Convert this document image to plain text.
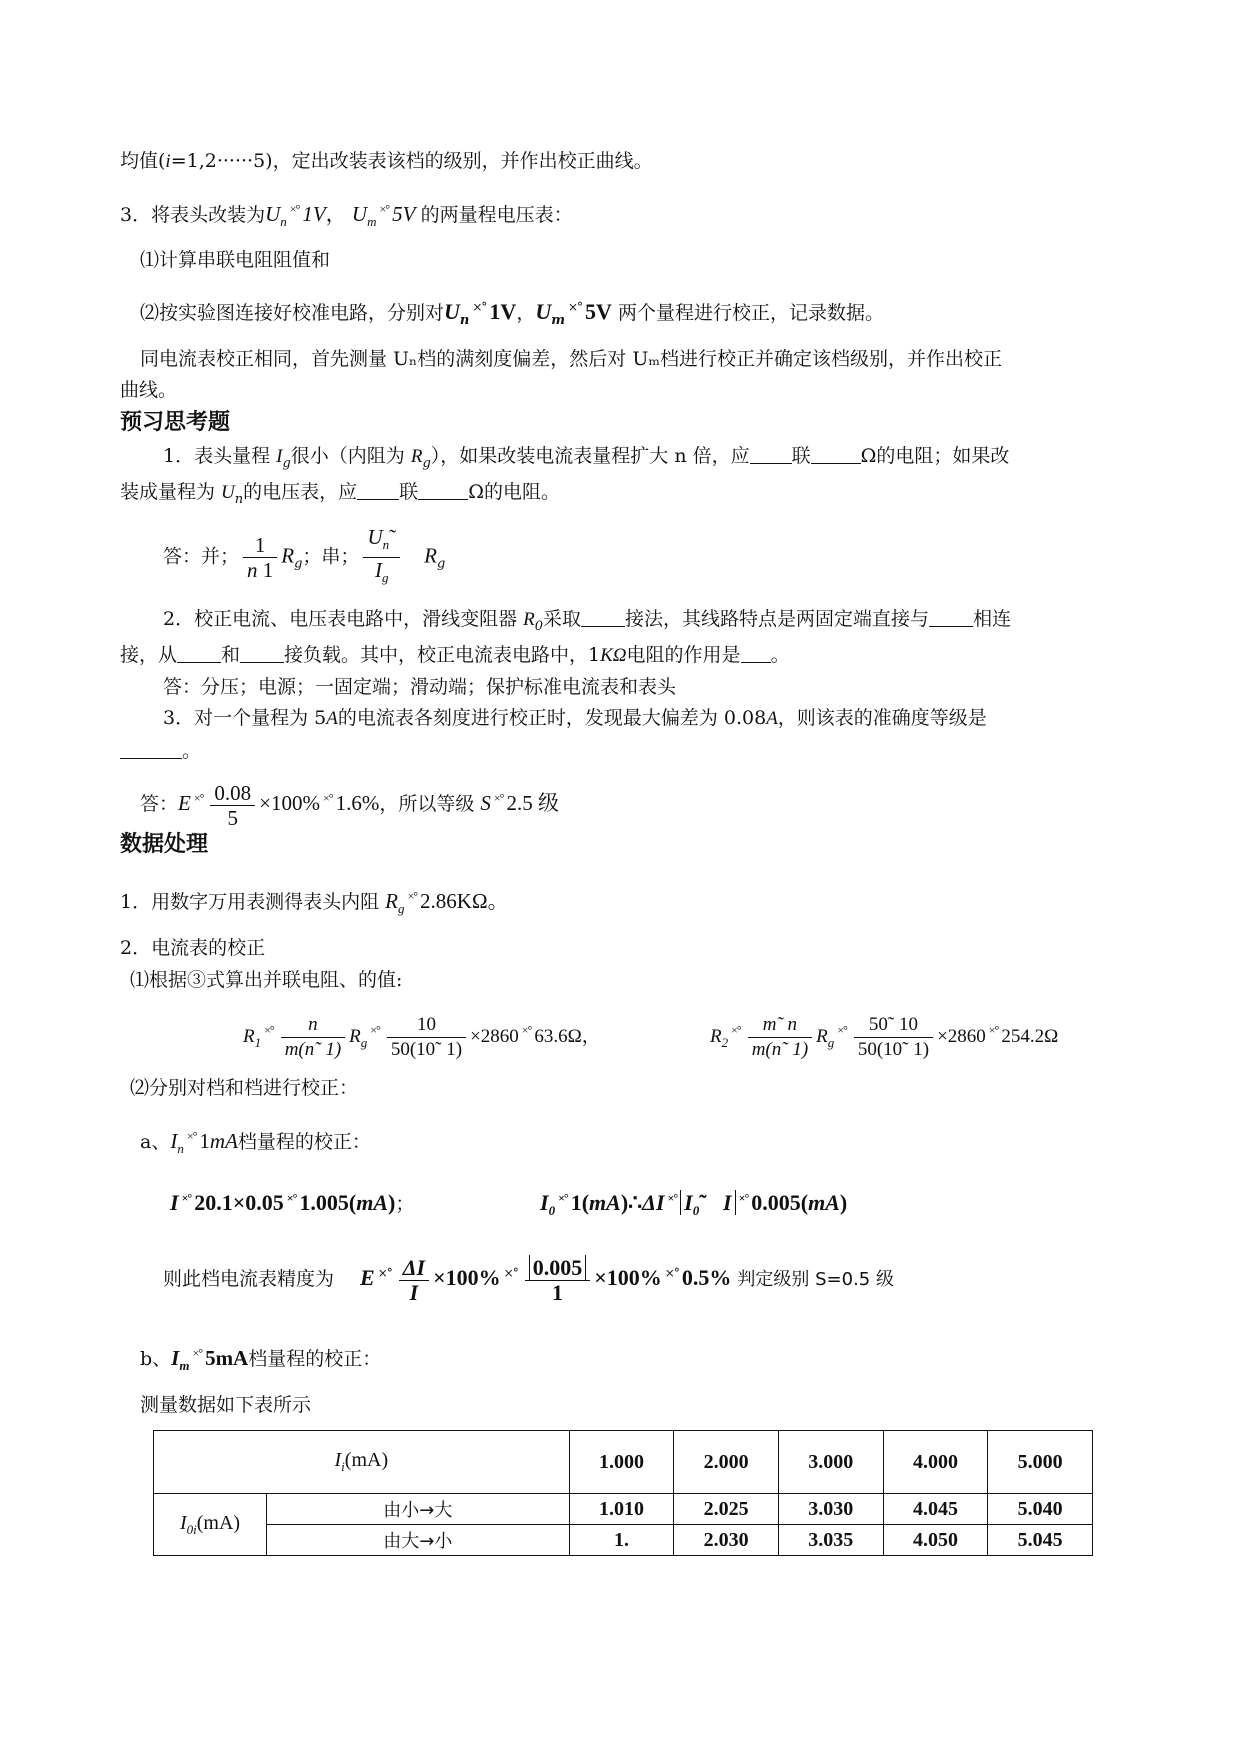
均值(i=1,2······5)，定出改装表该档的级别，并作出校正曲线。
3．将表头改装为$U_n^{\times^\circ}$ 1V， $U_m^{\times^\circ}$ 5V 的两量程电压表：
⑴计算串联电阻阻值和
⑵按实验图连接好校准电路，分别对$U_n^{\times^\circ}$ 1V，$U_m^{\times^\circ}$ 5V 两个量程进行校正，记录数据。
同电流表校正相同，首先测量 Uₙ档的满刻度偏差，然后对 Uₘ档进行校正并确定该档级别，并作出校正
曲线。
预习思考题
1．表头量程 $I_g$很小（内阻为 $R_g$），如果改装电流表量程扩大 n 倍，应 联	Ω的电阻；如果改
装成量程为 $U_n$的电压表，应 联	Ω的电阻。
答：并； $\frac{1}{n 1} R_g$；串； $\frac{U_n˜}{I_g} R_g$
2．校正电流、电压表电路中，滑线变阻器 $R_0$采取 接法，其线路特点是两固定端直接与 相连
接，从 和 接负载。其中，校正电流表电路中，1KΩ电阻的作用是 。
答：分压；电源；一固定端；滑动端；保护标准电流表和表头
3．对一个量程为 5A的电流表各刻度进行校正时，发现最大偏差为 0.08A，则该表的准确度等级是
。
答：E $^{\times^\circ} \frac{0.08}{5} \times 100\%$ ×° 1.6%，所以等级 S ×° 2.5 级
数据处理
1．用数字万用表测得表头内阻 $R_g^{\times^\circ}$ 2.86KΩ。
2．电流表的校正
⑴根据③式算出并联电阻、的值:
$R_1^{\times^\circ} \frac{n}{m(n˜ 1)} R_g^{\times^\circ} \frac{10}{50(10˜ 1)} \times 2860$ ×° 63.6Ω，	$R_2^{\times^\circ} \frac{m˜ n}{m(n˜ 1)} R_g^{\times^\circ} \frac{50˜ 10}{50(10˜ 1)} \times 2860$ ×° 254.2Ω
⑵分别对档和档进行校正：
a、$I_n^{\times^\circ}$ 1mA档量程的校正：
I ×° 20.1×0.05 ×° 1.005(mA)；	$I_0^{\times^\circ}$ 1(mA)∴ΔI ×° $I_0˜$ I ×° 0.005(mA)
则此档电流表精度为 E $^{\times^\circ} \frac{\Delta I}{I} \times 100\%$ $^{\times^\circ} \frac{0.005}{1} \times 100\%$ ×° 0.5% 判定级别 S=0.5 级
b、$I_m^{\times^\circ}$ 5mA档量程的校正：
测量数据如下表所示
$I_i(mA)$		1.000	2.000	3.000	4.000	5.000
$I_{0i}(mA)$	由小→大	1.010	2.025	3.030	4.045	5.040
	由大→小	1.	2.030	3.035	4.050	5.045
